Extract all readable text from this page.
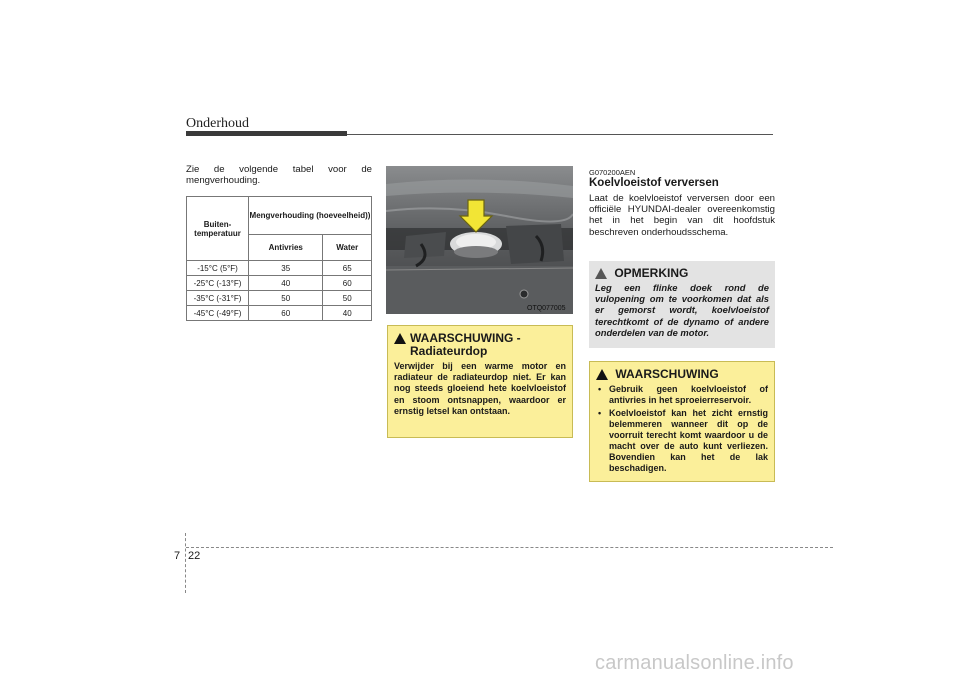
Onderhoud

Zie de volgende tabel voor de mengverhouding.

Buiten-temperatuur	Mengverhouding (hoeveelheid))	
	Antivries	Water
-15°C (5°F)	35	65
-25°C (-13°F)	40	60
-35°C (-31°F)	50	50
-45°C (-49°F)	60	40	OTQ077005
WAARSCHUWING -
Radiateurdop

Verwijder bij een warme motor en radiateur de radiateurdop niet. Er kan nog steeds gloeiend hete koelvloeistof en stoom ontsnappen, waardoor er ernstig letsel kan ontstaan.

G070200AEN
Koelvloeistof verversen

Laat de koelvloeistof verversen door een officiële HYUNDAI-dealer overeenkomstig het in het begin van dit hoofdstuk beschreven onderhoudsschema.

OPMERKING

Leg een flinke doek rond de vulopening om te voorkomen dat als er gemorst wordt, koelvloeistof terechtkomt of de dynamo of andere onderdelen van de motor.

WAARSCHUWING
• Gebruik geen koelvloeistof of antivries in het sproeierreservoir.
• Koelvloeistof kan het zicht ernstig belemmeren wanneer dit op de voorruit terecht komt waardoor u de macht over de auto kunt verliezen. Bovendien kan het de lak beschadigen.
7 22
carmanualsonline.info
